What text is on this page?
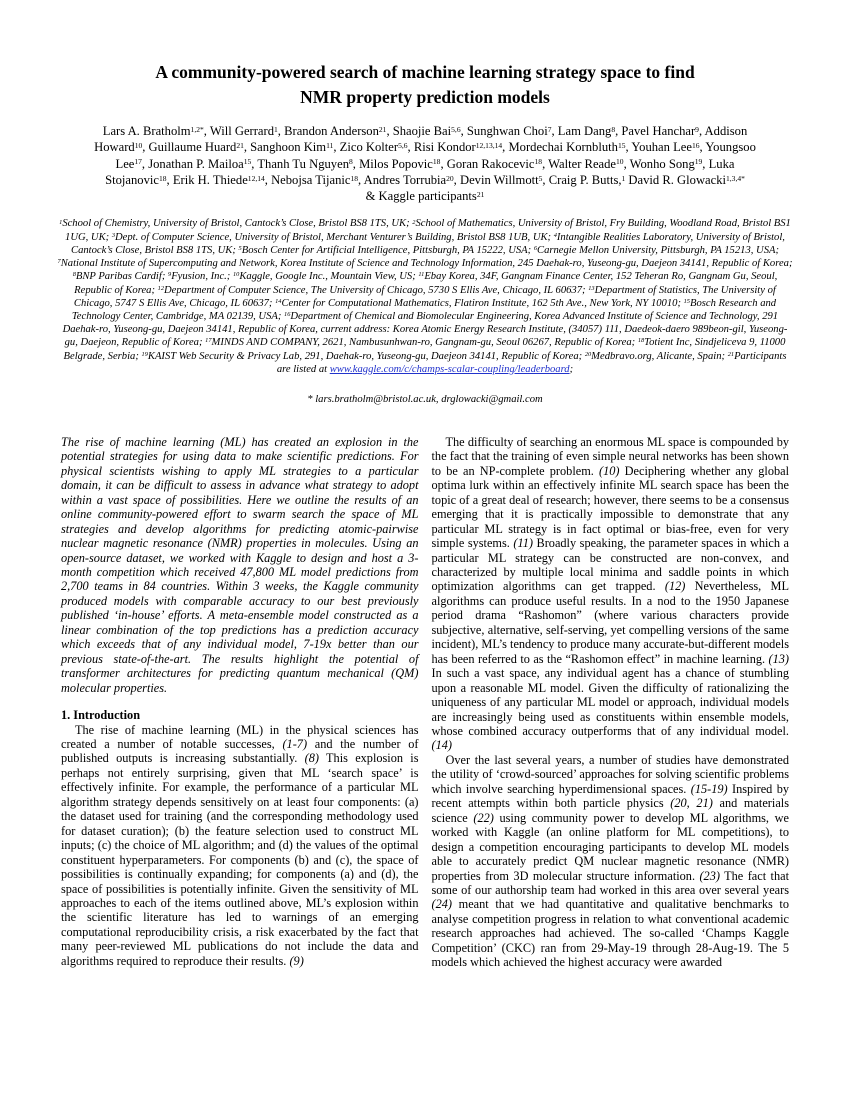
A community-powered search of machine learning strategy space to find
NMR property prediction models
Lars A. Bratholm$^{1,2*}$, Will Gerrard$^1$, Brandon Anderson$^{21}$, Shaojie Bai$^{5,6}$, Sunghwan Choi$^7$, Lam Dang$^8$, Pavel Hanchar$^9$, Addison Howard$^{10}$, Guillaume Huard$^{21}$, Sanghoon Kim$^{11}$, Zico Kolter$^{5,6}$, Risi Kondor$^{12,13,14}$, Mordechai Kornbluth$^{15}$, Youhan Lee$^{16}$, Youngsoo Lee$^{17}$, Jonathan P. Mailoa$^{15}$, Thanh Tu Nguyen$^8$, Milos Popovic$^{18}$, Goran Rakocevic$^{18}$, Walter Reade$^{10}$, Wonho Song$^{19}$, Luka Stojanovic$^{18}$, Erik H. Thiede$^{12,14}$, Nebojsa Tijanic$^{18}$, Andres Torrubia$^{20}$, Devin Willmott$^5$, Craig P. Butts,$^1$ David R. Glowacki$^{1,3,4*}$
& Kaggle participants$^{21}$
$^1$School of Chemistry, University of Bristol, Cantock’s Close, Bristol BS8 1TS, UK; $^2$School of Mathematics, University of Bristol, Fry Building, Woodland Road, Bristol BS1 1UG, UK; $^3$Dept. of Computer Science, University of Bristol, Merchant Venturer’s Building, Bristol BS8 1UB, UK; $^4$Intangible Realities Laboratory, University of Bristol, Cantock’s Close, Bristol BS8 1TS, UK; $^5$Bosch Center for Artificial Intelligence, Pittsburgh, PA 15222, USA; $^6$Carnegie Mellon University, Pittsburgh, PA 15213, USA; $^7$National Institute of Supercomputing and Network, Korea Institute of Science and Technology Information, 245 Daehak-ro, Yuseong-gu, Daejeon 34141, Republic of Korea; $^8$BNP Paribas Cardif; $^9$Fyusion, Inc.; $^{10}$Kaggle, Google Inc., Mountain View, US; $^{11}$Ebay Korea, 34F, Gangnam Finance Center, 152 Teheran Ro, Gangnam Gu, Seoul, Republic of Korea; $^{12}$Department of Computer Science, The University of Chicago, 5730 S Ellis Ave, Chicago, IL 60637; $^{13}$Department of Statistics, The University of Chicago, 5747 S Ellis Ave, Chicago, IL 60637; $^{14}$Center for Computational Mathematics, Flatiron Institute, 162 5th Ave., New York, NY 10010; $^{15}$Bosch Research and Technology Center, Cambridge, MA 02139, USA; $^{16}$Department of Chemical and Biomolecular Engineering, Korea Advanced Institute of Science and Technology, 291 Daehak-ro, Yuseong-gu, Daejeon 34141, Republic of Korea, current address: Korea Atomic Energy Research Institute, (34057) 111, Daedeok-daero 989beon-gil, Yuseong-gu, Daejeon, Republic of Korea; $^{17}$MINDS AND COMPANY, 2621, Nambusunhwan-ro, Gangnam-gu, Seoul 06267, Republic of Korea; $^{18}$Totient Inc, Sindjeliceva 9, 11000 Belgrade, Serbia; $^{19}$KAIST Web Security & Privacy Lab, 291, Daehak-ro, Yuseong-gu, Daejeon 34141, Republic of Korea; $^{20}$Medbravo.org, Alicante, Spain; $^{21}$Participants are listed at www.kaggle.com/c/champs-scalar-coupling/leaderboard;
* lars.bratholm@bristol.ac.uk, drglowacki@gmail.com
The rise of machine learning (ML) has created an explosion in the potential strategies for using data to make scientific predictions. For physical scientists wishing to apply ML strategies to a particular domain, it can be difficult to assess in advance what strategy to adopt within a vast space of possibilities. Here we outline the results of an online community-powered effort to swarm search the space of ML strategies and develop algorithms for predicting atomic-pairwise nuclear magnetic resonance (NMR) properties in molecules. Using an open-source dataset, we worked with Kaggle to design and host a 3-month competition which received 47,800 ML model predictions from 2,700 teams in 84 countries. Within 3 weeks, the Kaggle community produced models with comparable accuracy to our best previously published ‘in-house’ efforts. A meta-ensemble model constructed as a linear combination of the top predictions has a prediction accuracy which exceeds that of any individual model, 7-19x better than our previous state-of-the-art. The results highlight the potential of transformer architectures for predicting quantum mechanical (QM) molecular properties.
1. Introduction
The rise of machine learning (ML) in the physical sciences has created a number of notable successes, (1-7) and the number of published outputs is increasing substantially. (8) This explosion is perhaps not entirely surprising, given that ML ‘search space’ is effectively infinite. For example, the performance of a particular ML algorithm strategy depends sensitively on at least four components: (a) the dataset used for training (and the corresponding methodology used for dataset curation); (b) the feature selection used to construct ML inputs; (c) the choice of ML algorithm; and (d) the values of the optimal constituent hyperparameters. For components (b) and (c), the space of possibilities is continually expanding; for components (a) and (d), the space of possibilities is potentially infinite. Given the sensitivity of ML approaches to each of the items outlined above, ML’s explosion within the scientific literature has led to warnings of an emerging computational reproducibility crisis, a risk exacerbated by the fact that many peer-reviewed ML publications do not include the data and algorithms required to reproduce their results. (9)
The difficulty of searching an enormous ML space is compounded by the fact that the training of even simple neural networks has been shown to be an NP-complete problem. (10) Deciphering whether any global optima lurk within an effectively infinite ML search space has been the topic of a great deal of research; however, there seems to be a consensus emerging that it is practically impossible to demonstrate that any particular ML strategy is in fact optimal or bias-free, even for very simple systems. (11) Broadly speaking, the parameter spaces in which a particular ML strategy can be constructed are non-convex, and characterized by multiple local minima and saddle points in which optimization algorithms can get trapped. (12) Nevertheless, ML algorithms can produce useful results. In a nod to the 1950 Japanese period drama “Rashomon” (where various characters provide subjective, alternative, self-serving, yet compelling versions of the same incident), ML’s tendency to produce many accurate-but-different models has been referred to as the “Rashomon effect” in machine learning. (13) In such a vast space, any individual agent has a chance of stumbling upon a reasonable ML model. Given the difficulty of rationalizing the uniqueness of any particular ML model or approach, individual models are increasingly being used as constituents within ensemble models, whose combined accuracy outperforms that of any individual model. (14)
Over the last several years, a number of studies have demonstrated the utility of ‘crowd-sourced’ approaches for solving scientific problems which involve searching hyperdimensional spaces. (15-19) Inspired by recent attempts within both particle physics (20, 21) and materials science (22) using community power to develop ML algorithms, we worked with Kaggle (an online platform for ML competitions), to design a competition encouraging participants to develop ML models able to accurately predict QM nuclear magnetic resonance (NMR) properties from 3D molecular structure information. (23) The fact that some of our authorship team had worked in this area over several years (24) meant that we had quantitative and qualitative benchmarks to analyse competition progress in relation to what conventional academic research approaches had achieved. The so-called ‘Champs Kaggle Competition’ (CKC) ran from 29-May-19 through 28-Aug-19. The 5 models which achieved the highest accuracy were awarded
